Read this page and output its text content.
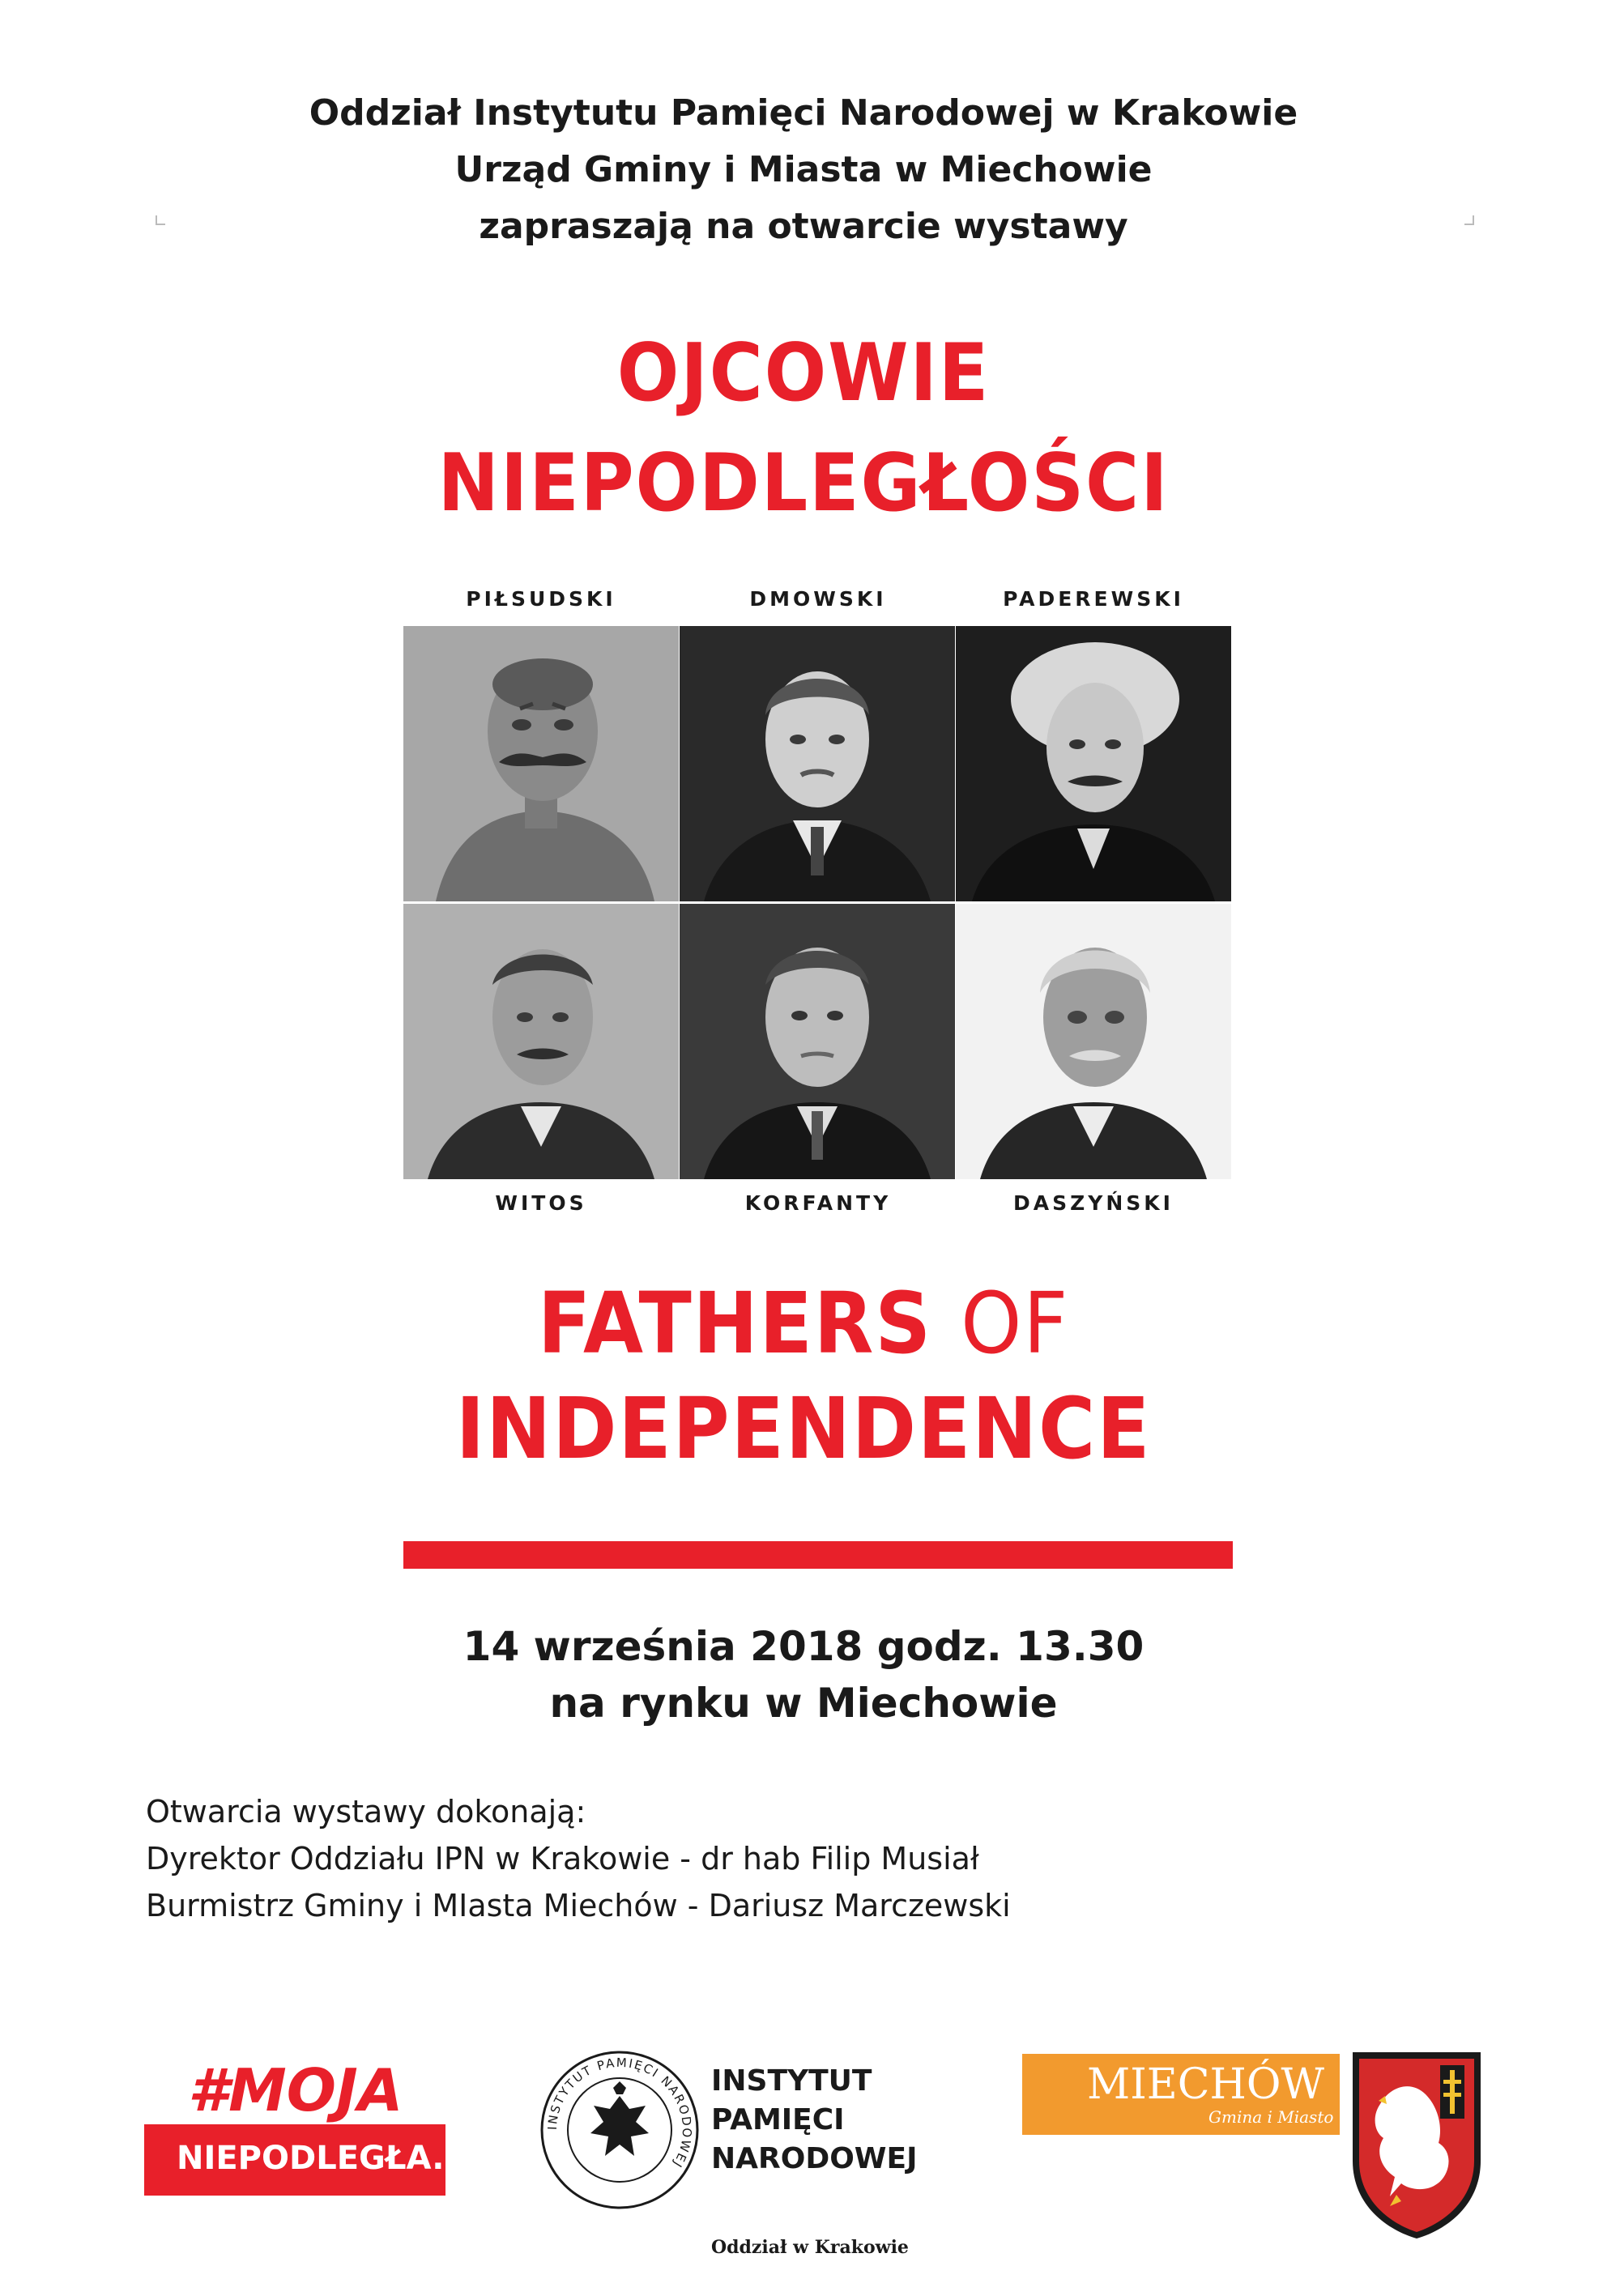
Oddział Instytutu Pamięci Narodowej w Krakowie
Urząd Gminy i Miasta w Miechowie
zapraszają na otwarcie wystawy
OJCOWIE
NIEPODLEGŁOŚCI
PIŁSUDSKI	DMOWSKI	PADEREWSKI
WITOS	KORFANTY	DASZYŃSKI
FATHERS OF
INDEPENDENCE
14 września 2018 godz. 13.30
na rynku w Miechowie
Otwarcia wystawy dokonają:
Dyrektor Oddziału IPN w Krakowie - dr hab Filip Musiał
Burmistrz Gminy i MIasta Miechów - Dariusz Marczewski
#MOJA
NIEPODLEGŁA.
INSTYTUT PAMIĘCI NARODOWEJ
INSTYTUT
PAMIĘCI
NARODOWEJ
Oddział w Krakowie
MIECHÓW
Gmina i Miasto
